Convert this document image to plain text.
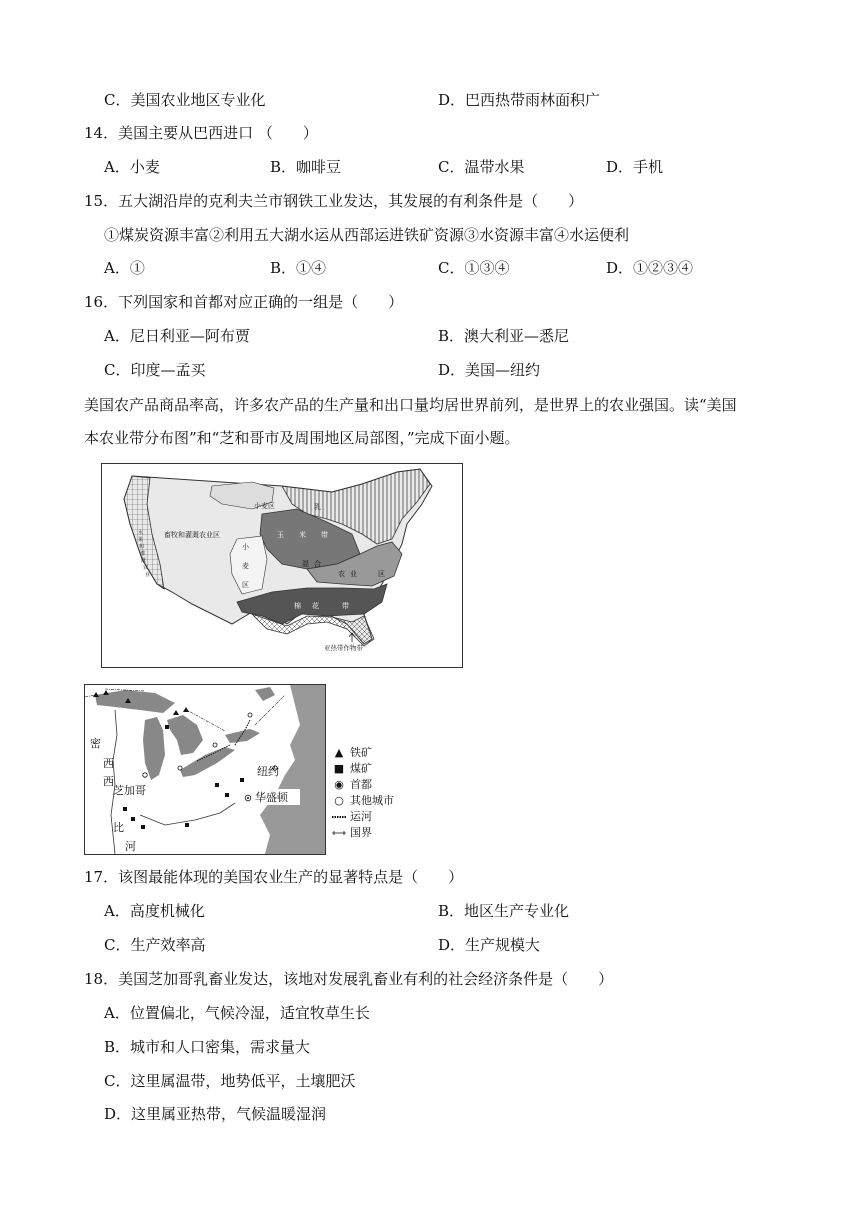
C．美国农业地区专业化	D．巴西热带雨林面积广
14．美国主要从巴西进口 （　　）
A．小麦	B．咖啡豆	C．温带水果	D．手机
15．五大湖沿岸的克利夫兰市钢铁工业发达，其发展的有利条件是（　　）
①煤炭资源丰富②利用五大湖水运从西部运进铁矿资源③水资源丰富④水运便利
A．①	B．①④	C．①③④	D．①②③④
16．下列国家和首都对应正确的一组是（　　）
A．尼日利亚—阿布贾	B．澳大利亚—悉尼
C．印度—孟买	D．美国—纽约
美国农产品商品率高，许多农产品的生产量和出口量均居世界前列，是世界上的农业强国。读“美国
本农业带分布图”和“芝和哥市及周围地区局部图，”完成下面小题。
畜牧和灌溉农业区
小麦区	乳
玉 米 带
小
麦
区
混 合
农 业	区
棉 花	带
亚热带作物带
水
果
和
灌
溉
农
业
密
西
西
比
河
芝加哥
纽约
华盛顿
▲ 铁矿
■ 煤矿
◉ 首都
○ 其他城市
运河
国界
17．该图最能体现的美国农业生产的显著特点是（　　）
A．高度机械化	B．地区生产专业化
C．生产效率高	D．生产规模大
18．美国芝加哥乳畜业发达，该地对发展乳畜业有利的社会经济条件是（　　）
A．位置偏北，气候冷湿，适宜牧草生长
B．城市和人口密集，需求量大
C．这里属温带，地势低平，土壤肥沃
D．这里属亚热带，气候温暖湿润
